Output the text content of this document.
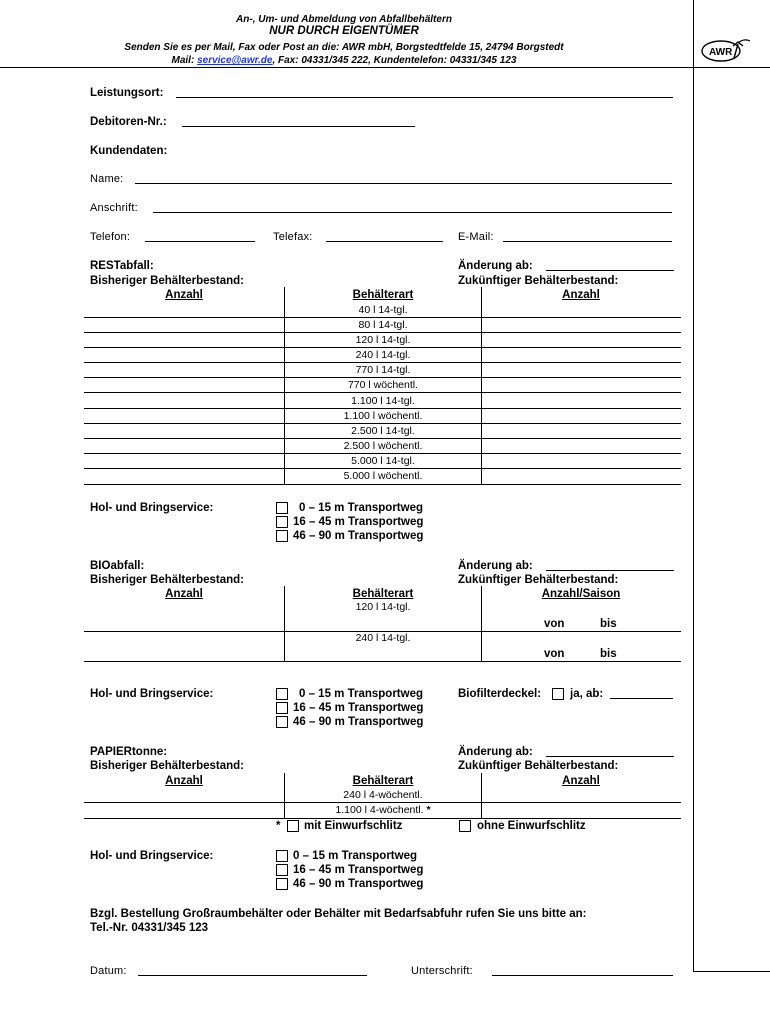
An-, Um- und Abmeldung von Abfallbehältern
NUR DURCH EIGENTÜMER
Senden Sie es per Mail, Fax oder Post an die: AWR mbH, Borgstedtfelde 15, 24794 Borgstedt
Mail: service@awr.de, Fax: 04331/345 222, Kundentelefon: 04331/345 123
AWR
Leistungsort:
Debitoren-Nr.:
Kundendaten:
Name:
Anschrift:
Telefon:	Telefax:	E-Mail:
RESTabfall:
Bisheriger Behälterbestand:
Änderung ab:
Zukünftiger Behälterbestand:
Anzahl	Behälterart	Anzahl
40 l 14-tgl.
80 l 14-tgl.
120 l 14-tgl.
240 l 14-tgl.
770 l 14-tgl.
770 l wöchentl.
1.100 l 14-tgl.
1.100 l wöchentl.
2.500 l 14-tgl.
2.500 l wöchentl.
5.000 l 14-tgl.
5.000 l wöchentl.
Hol- und Bringservice:	0 – 15 m Transportweg
16 – 45 m Transportweg
46 – 90 m Transportweg
BIOabfall:
Bisheriger Behälterbestand:
Änderung ab:
Zukünftiger Behälterbestand:
Anzahl	Behälterart	Anzahl/Saison
120 l 14-tgl.
von	bis
240 l 14-tgl.
von	bis
Hol- und Bringservice:	0 – 15 m Transportweg
16 – 45 m Transportweg
46 – 90 m Transportweg
Biofilterdeckel:	ja, ab:
PAPIERtonne:
Bisheriger Behälterbestand:
Änderung ab:
Zukünftiger Behälterbestand:
Anzahl	Behälterart	Anzahl
240 l 4-wöchentl.
1.100 l 4-wöchentl. *
* mit Einwurfschlitz	ohne Einwurfschlitz
Hol- und Bringservice:	0 – 15 m Transportweg
16 – 45 m Transportweg
46 – 90 m Transportweg
Bzgl. Bestellung Großraumbehälter oder Behälter mit Bedarfsabfuhr rufen Sie uns bitte an:
Tel.-Nr. 04331/345 123
Datum:	Unterschrift:
